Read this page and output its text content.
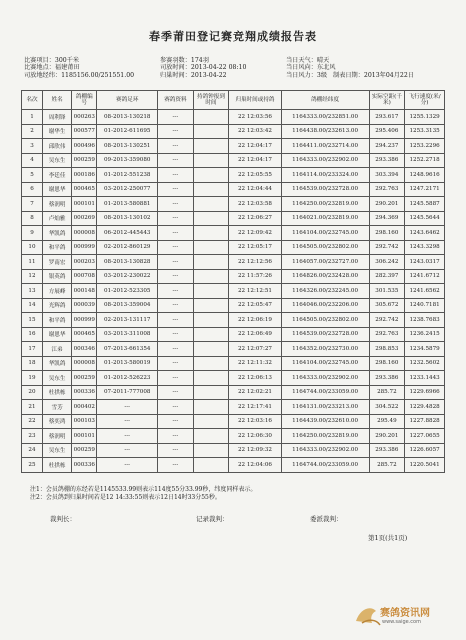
春季莆田登记赛竞翔成绩报告表
比赛项目：300千米
比赛地点：福建莆田
司放地经纬：1185156.00/251551.00
参赛羽数：174羽
司放时间：2013-04-22 08:10
归巢时间：2013-04-22
当日天气：晴天
当日风向：东北风
当日风力：3级 制表日期：2013年04月22日
名次	姓名	鸽棚编号	赛鸽足环	赛鸽资料	持鸽钟报到时间	归巢时间或持鸽	鸽棚经纬度	实际空距(千米)	飞行速度(米/分)
1	周利锋	000263	08-2013-130218	---		22 12:03:56	1164333.00/232851.00	293.617	1255.1329
2	谢华生	000577	01-2012-611695	---		22 12:03:42	1164438.00/232613.00	295.406	1253.3135
3	邱欣伟	000496	08-2013-130251	---		22 12:04:17	1164411.00/232714.00	294.237	1253.2296
4	吴东生	000259	09-2013-359080	---		22 12:04:17	1164333.00/232902.00	293.386	1252.2718
5	李廷佳	000186	01-2012-551238	---		22 12:05:55	1164114.00/233324.00	303.394	1248.9616
6	谢恩华	000465	03-2012-250077	---		22 12:04:44	1164539.00/232728.00	292.763	1247.2171
7	蔡润明	000101	01-2013-580881	---		22 12:03:58	1164250.00/232819.00	290.201	1245.5887
8	卢灿雅	000269	08-2013-130102	---		22 12:06:27	1164021.00/232819.00	294.369	1245.5644
9	华凯鸽	000008	06-2012-445443	---		22 12:09:42	1164104.00/232745.00	298.160	1243.6462
10	和平鸽	000999	02-2012-860129	---		22 12:05:17	1164505.00/232802.00	292.742	1243.3298
11	罗南宏	000203	08-2013-130828	---		22 12:12:56	1164057.00/232727.00	306.242	1243.0317
12	银英鸽	000708	03-2012-230022	---		22 11:57:26	1164826.00/232428.00	282.397	1241.6712
13	方展峰	000148	01-2012-523305	---		22 12:12:51	1164326.00/232245.00	301.535	1241.6562
14	光辉鸽	000039	08-2013-359004	---		22 12:05:47	1164046.00/232206.00	305.672	1240.7181
15	和平鸽	000999	02-2013-131117	---		22 12:06:19	1164505.00/232802.00	292.742	1238.7683
16	谢恩华	000465	03-2013-311008	---		22 12:06:49	1164539.00/232728.00	292.763	1236.2415
17	江弟	000346	07-2013-661354	---		22 12:07:27	1164352.00/232730.00	298.853	1234.5879
18	华凯鸽	000008	01-2013-580019	---		22 12:11:32	1164104.00/232745.00	298.160	1232.5602
19	吴东生	000259	01-2012-526223	---		22 12:06:13	1164333.00/232902.00	293.386	1233.1443
20	杜拱栋	000336	07-2011-777008	---		22 12:02:21	1164744.00/233059.00	285.72	1229.6966
21	雪芳	000402	---	---		22 12:17:41	1164131.00/233213.00	304.522	1229.4828
22	蔡奕鸿	000103	---	---		22 12:03:16	1164439.00/232610.00	295.49	1227.8828
23	蔡润明	000101	---	---		22 12:06:30	1164250.00/232819.00	290.201	1227.0655
24	吴东生	000259	---	---		22 12:09:32	1164333.00/232902.00	293.386	1226.6057
25	杜拱栋	000336	---	---		22 12:04:06	1164744.00/233059.00	285.72	1220.5041
注1：会员鸽棚的东经若是1145533.99则表示114度55分33.99秒，纬度同样表示。
注2：会员鸽到归巢时间若是12 14:33:55则表示12日14时33分55秒。
裁判长：	记录裁判：	委派裁判：
第1页(共1页)
赛鸽资讯网
www.saige.com
